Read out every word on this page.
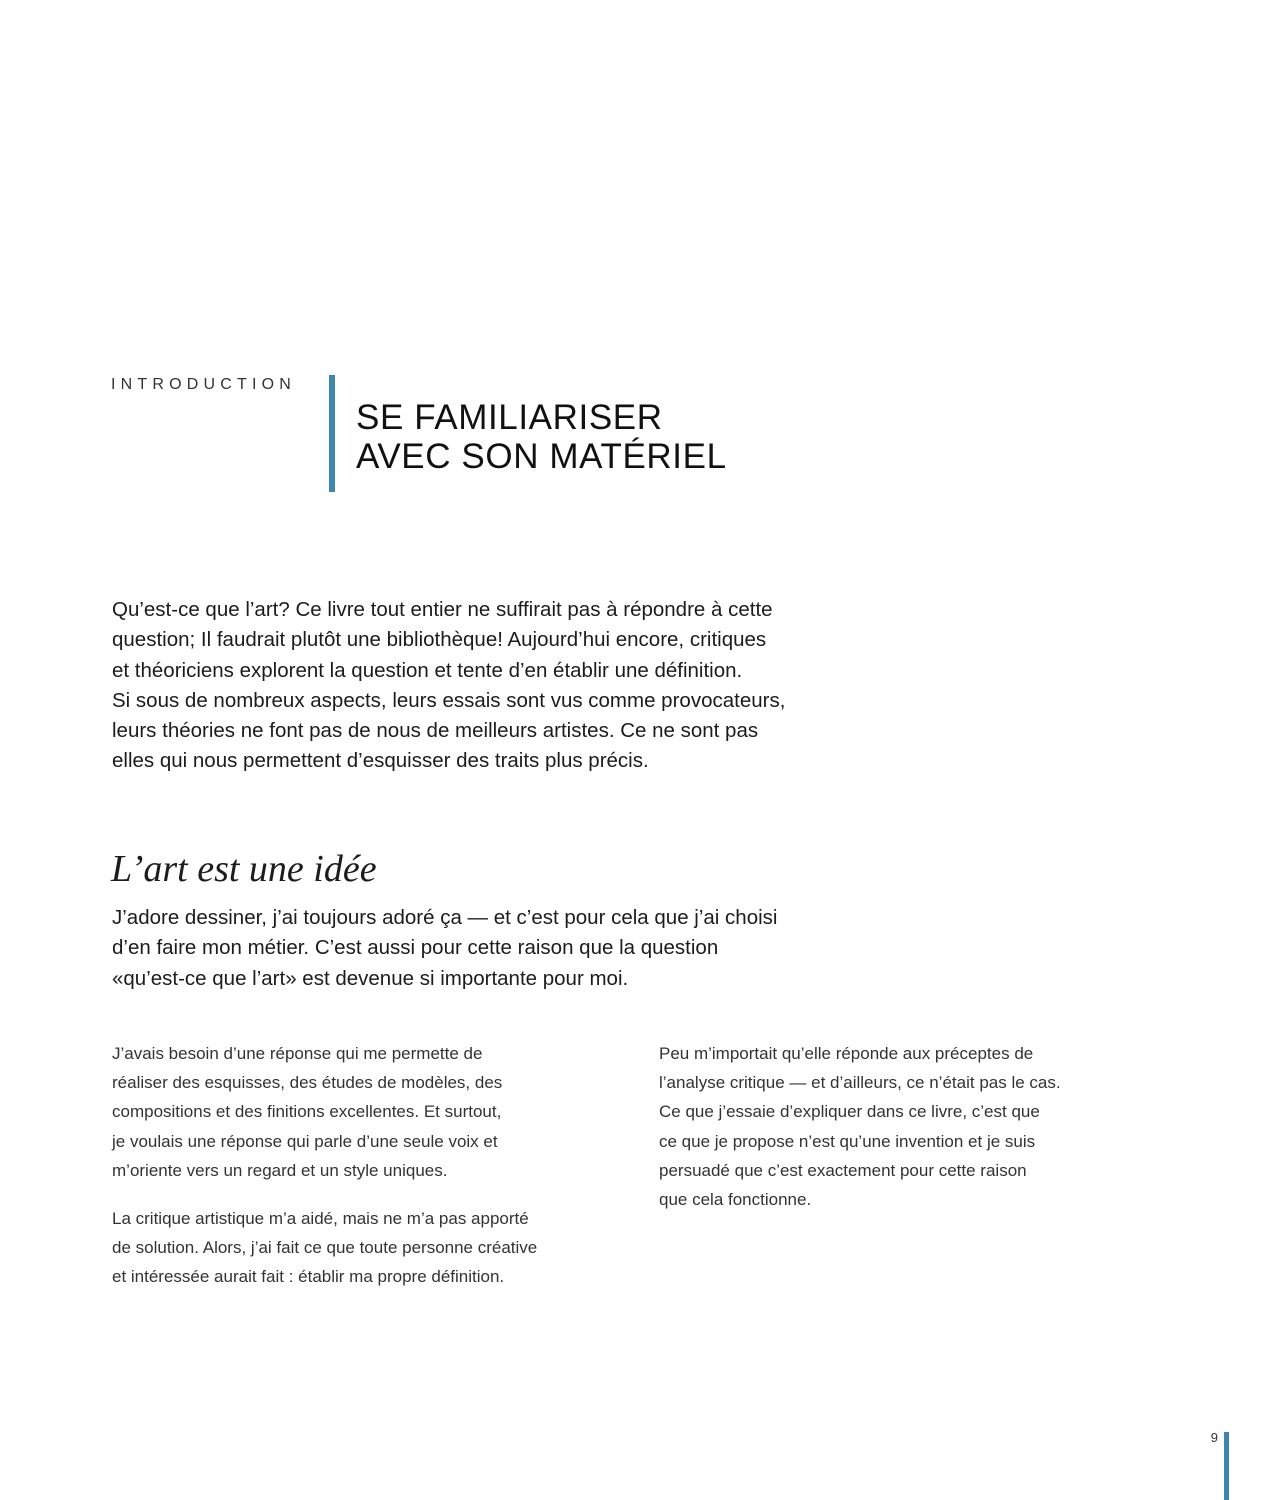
INTRODUCTION
SE FAMILIARISER
AVEC SON MATÉRIEL

Qu’est-ce que l’art? Ce livre tout entier ne suffirait pas à répondre à cette
question; Il faudrait plutôt une bibliothèque! Aujourd’hui encore, critiques
et théoriciens explorent la question et tente d’en établir une définition.
Si sous de nombreux aspects, leurs essais sont vus comme provocateurs,
leurs théories ne font pas de nous de meilleurs artistes. Ce ne sont pas
elles qui nous permettent d’esquisser des traits plus précis.

L’art est une idée

J’adore dessiner, j’ai toujours adoré ça — et c’est pour cela que j’ai choisi
d’en faire mon métier. C’est aussi pour cette raison que la question
«qu’est-ce que l’art» est devenue si importante pour moi.

J’avais besoin d’une réponse qui me permette de
réaliser des esquisses, des études de modèles, des
compositions et des finitions excellentes. Et surtout,
je voulais une réponse qui parle d’une seule voix et
m’oriente vers un regard et un style uniques.

La critique artistique m’a aidé, mais ne m’a pas apporté
de solution. Alors, j’ai fait ce que toute personne créative
et intéressée aurait fait : établir ma propre définition.

Peu m’importait qu’elle réponde aux préceptes de
l’analyse critique — et d’ailleurs, ce n’était pas le cas.
Ce que j’essaie d’expliquer dans ce livre, c’est que
ce que je propose n’est qu’une invention et je suis
persuadé que c’est exactement pour cette raison
que cela fonctionne.

9
